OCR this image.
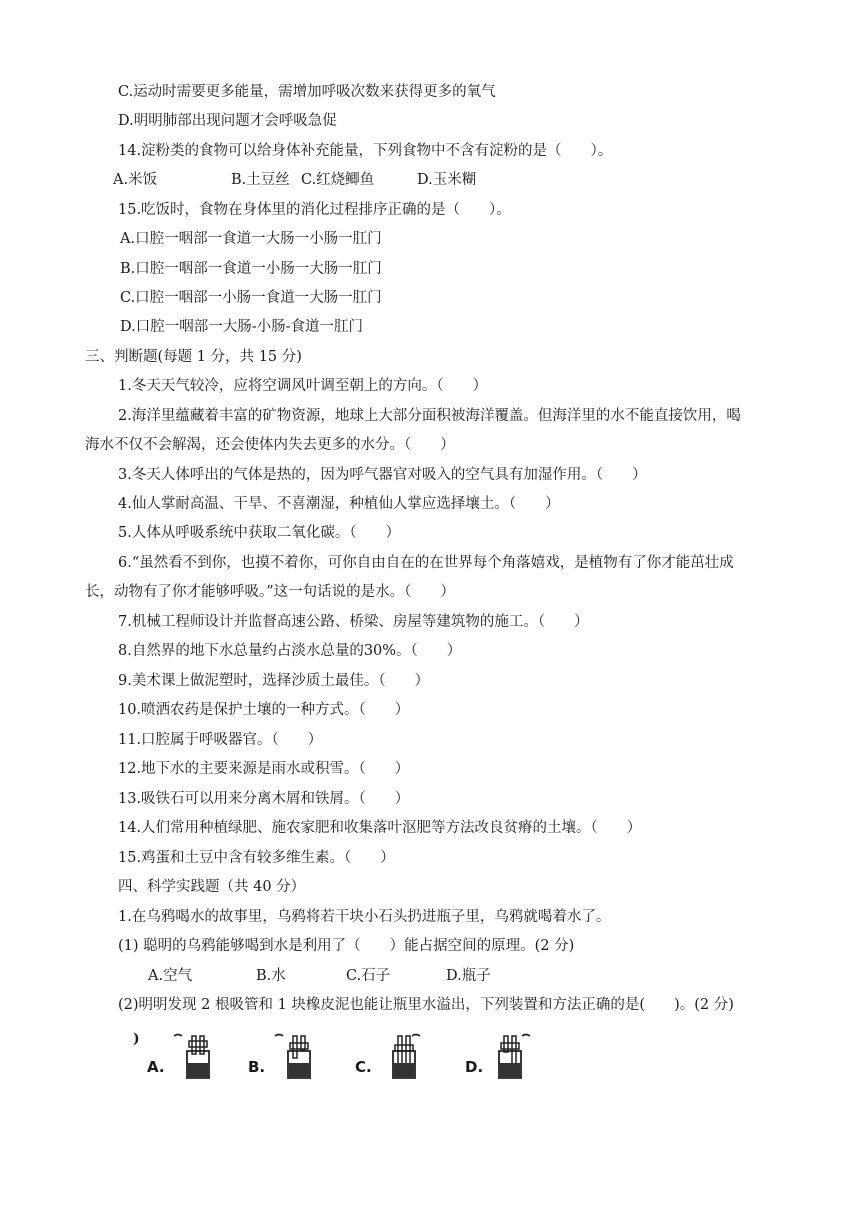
C.运动时需要更多能量，需增加呼吸次数来获得更多的氧气
D.明明肺部出现问题才会呼吸急促
14.淀粉类的食物可以给身体补充能量，下列食物中不含有淀粉的是（　　）。
A.米饭	B.土豆丝 C.红烧鲫鱼	D.玉米糊
15.吃饭时，食物在身体里的消化过程排序正确的是（　　）。
A.口腔一咽部一食道一大肠一小肠一肛门
B.口腔一咽部一食道一小肠一大肠一肛门
C.口腔一咽部一小肠一食道一大肠一肛门
D.口腔一咽部一大肠-小肠-食道一肛门
三、判断题(每题 1 分，共 15 分)
1.冬天天气较冷，应将空调风叶调至朝上的方向。（　　）
2.海洋里蕴藏着丰富的矿物资源，地球上大部分面积被海洋覆盖。但海洋里的水不能直接饮用，喝
海水不仅不会解渴，还会使体内失去更多的水分。（　　）
3.冬天人体呼出的气体是热的，因为呼气器官对吸入的空气具有加湿作用。（　　）
4.仙人掌耐高温、干旱、不喜潮湿，种植仙人掌应选择壤土。（　　）
5.人体从呼吸系统中获取二氧化碳。（　　）
6.“虽然看不到你，也摸不着你，可你自由自在的在世界每个角落嬉戏，是植物有了你才能茁壮成
长，动物有了你才能够呼吸。”这一句话说的是水。（　　）
7.机械工程师设计并监督高速公路、桥梁、房屋等建筑物的施工。（　　）
8.自然界的地下水总量约占淡水总量的30%。（　　）
9.美术课上做泥塑时，选择沙质土最佳。（　　）
10.喷洒农药是保护土壤的一种方式。（　　）
11.口腔属于呼吸器官。（　　）
12.地下水的主要来源是雨水或积雪。（　　）
13.吸铁石可以用来分离木屑和铁屑。（　　）
14.人们常用种植绿肥、施农家肥和收集落叶沤肥等方法改良贫瘠的土壤。（　　）
15.鸡蛋和土豆中含有较多维生素。（　　）
四、科学实践题（共 40 分）
1.在乌鸦喝水的故事里，乌鸦将若干块小石头扔进瓶子里，乌鸦就喝着水了。
(1) 聪明的乌鸦能够喝到水是利用了（　　）能占据空间的原理。(2 分)
A.空气	B.水	C.石子	D.瓶子
(2)明明发现 2 根吸管和 1 块橡皮泥也能让瓶里水溢出，下列装置和方法正确的是(　　)。(2 分)
)
A.	B.	C.	D.
